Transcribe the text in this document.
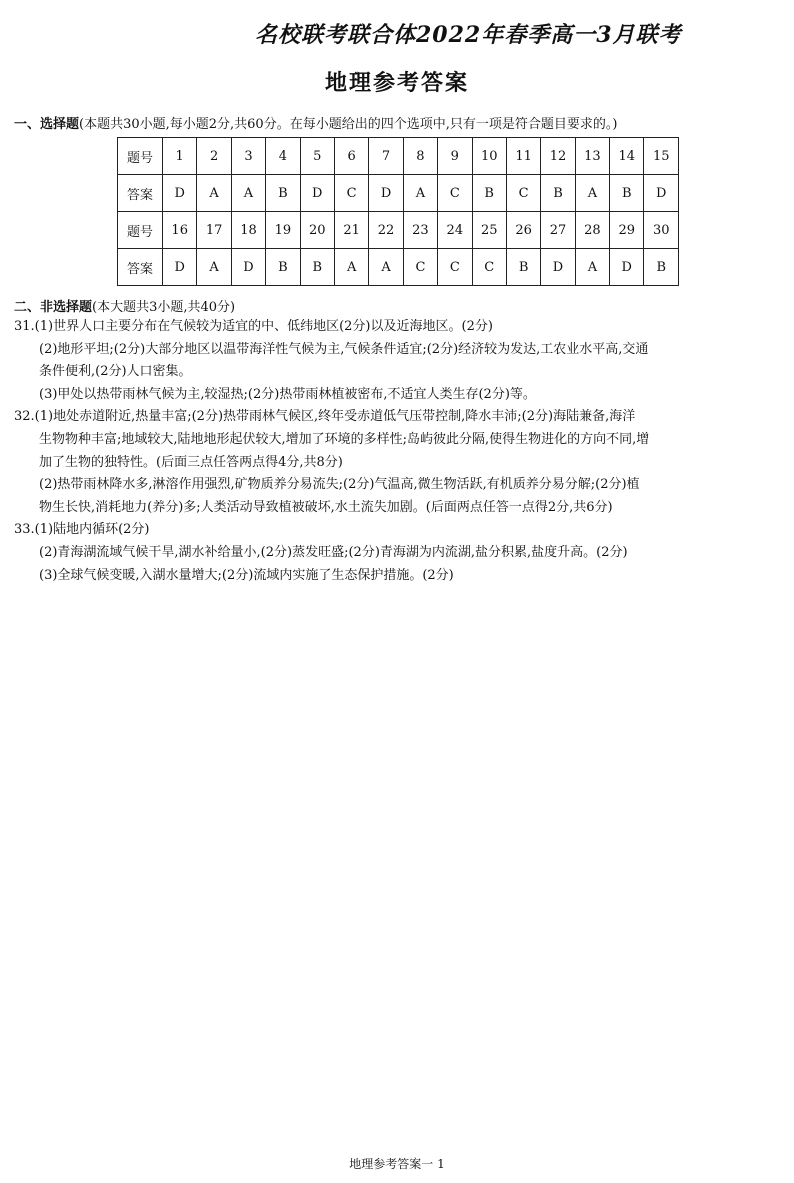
名校联考联合体2022年春季高一3月联考
地理参考答案
一、选择题(本题共30小题,每小题2分,共60分。在每小题给出的四个选项中,只有一项是符合题目要求的。)
题号	1	2	3	4	5	6	7	8	9	10	11	12	13	14	15
答案	D	A	A	B	D	C	D	A	C	B	C	B	A	B	D
题号	16	17	18	19	20	21	22	23	24	25	26	27	28	29	30
答案	D	A	D	B	B	A	A	C	C	C	B	D	A	D	B
二、非选择题(本大题共3小题,共40分)
31.(1)世界人口主要分布在气候较为适宜的中、低纬地区(2分)以及近海地区。(2分)
(2)地形平坦;(2分)大部分地区以温带海洋性气候为主,气候条件适宜;(2分)经济较为发达,工农业水平高,交通
条件便利,(2分)人口密集。
(3)甲处以热带雨林气候为主,较湿热;(2分)热带雨林植被密布,不适宜人类生存(2分)等。
32.(1)地处赤道附近,热量丰富;(2分)热带雨林气候区,终年受赤道低气压带控制,降水丰沛;(2分)海陆兼备,海洋
生物物种丰富;地域较大,陆地地形起伏较大,增加了环境的多样性;岛屿彼此分隔,使得生物进化的方向不同,增
加了生物的独特性。(后面三点任答两点得4分,共8分)
(2)热带雨林降水多,淋溶作用强烈,矿物质养分易流失;(2分)气温高,微生物活跃,有机质养分易分解;(2分)植
物生长快,消耗地力(养分)多;人类活动导致植被破坏,水土流失加剧。(后面两点任答一点得2分,共6分)
33.(1)陆地内循环(2分)
(2)青海湖流域气候干旱,湖水补给量小,(2分)蒸发旺盛;(2分)青海湖为内流湖,盐分积累,盐度升高。(2分)
(3)全球气候变暖,入湖水量增大;(2分)流域内实施了生态保护措施。(2分)
地理参考答案一 1
